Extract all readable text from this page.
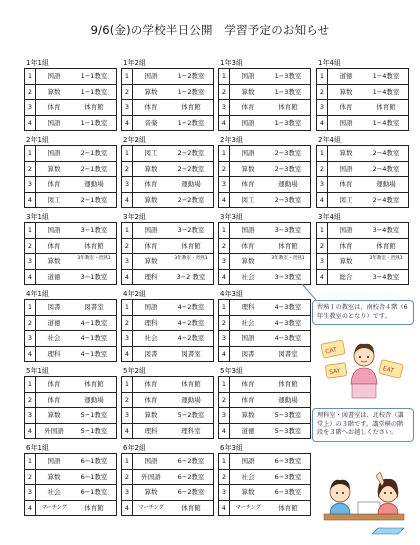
9/6(金)の学校半日公開　学習予定のお知らせ
1年1組
1	国語	1−1教室
2	算数	1−1教室
3	体育	体育館
4	国語	1−1教室
1年2組
1	国語	1−2教室
2	算数	1−2教室
3	体育	体育館
4	音楽	1−2教室
1年3組
1	国語	1−3教室
2	算数	1−3教室
3	体育	体育館
4	国語	1−3教室
1年4組
1	道徳	1−4教室
2	算数	1−4教室
3	体育	体育館
4	国語	1−4教室
2年1組
1	国語	2−1教室
2	算数	2−1教室
3	体育	運動場
4	図工	2−1教室
2年2組
1	図工	2−2教室
2	算数	2−2教室
3	体育	運動場
4	算数	2−2教室
2年3組
1	国語	2−3教室
2	算数	2−3教室
3	体育	運動場
4	図工	2−3教室
2年4組
1	算数	2−4教室
2	国語	2−4教室
3	体育	運動場
4	図工	2−4教室
3年1組
1	国語	3−1教室
2	体育	体育館
3	算数	3年教室・習熟1
4	道徳	3−1教室
3年2組
1	国語	3−2教室
2	体育	体育館
3	算数	3年教室・習熟1
4	理科	3−2 教室
3年3組
1	国語	3−3教室
2	体育	体育館
3	算数	3年教室・習熟1
4	社会	3−3教室
3年4組
1	国語	3−4教室
2	体育	体育館
3	算数	3年教室・習熟1
4	総合	3−4教室
4年1組
1	図書	図書室
2	道徳	4−1教室
3	社会	4−1教室
4	理科	4−1教室
4年2組
1	国語	4−2教室
2	理科	4−2教室
3	社会	4−2教室
4	図書	図書室
4年3組
1	理科	4−3教室
2	社会	4−3教室
3	国語	4−3教室
4	図書	図書室
5年1組
1	体育	体育館
2	体育	運動場
3	算数	5−1教室
4	外国語	5−1教室
5年2組
1	体育	体育館
2	体育	運動場
3	算数	5−2教室
4	理科	理科室
5年3組
1	体育	体育館
2	体育	運動場
3	算数	5−3教室
4	道徳	5−3教室
6年1組
1	国語	6−1教室
2	算数	6−1教室
3	社会	6−1教室
4	マーチング	体育館
6年2組
1	国語	6−2教室
2	外国語	6−2教室
3	算数	6−2教室
4	マーチング	体育館
6年3組
1	国語	6−3教室
2	社会	6−3教室
3	算数	6−3教室
4	マーチング	体育館
習熟１の教室は、南校舎４階（6年生教室のとなり）です。
CAT
SAY	EAT
理科室・図書室は、北校舎（講堂上）の３階です。講堂横の階段を３階へお越しください。
